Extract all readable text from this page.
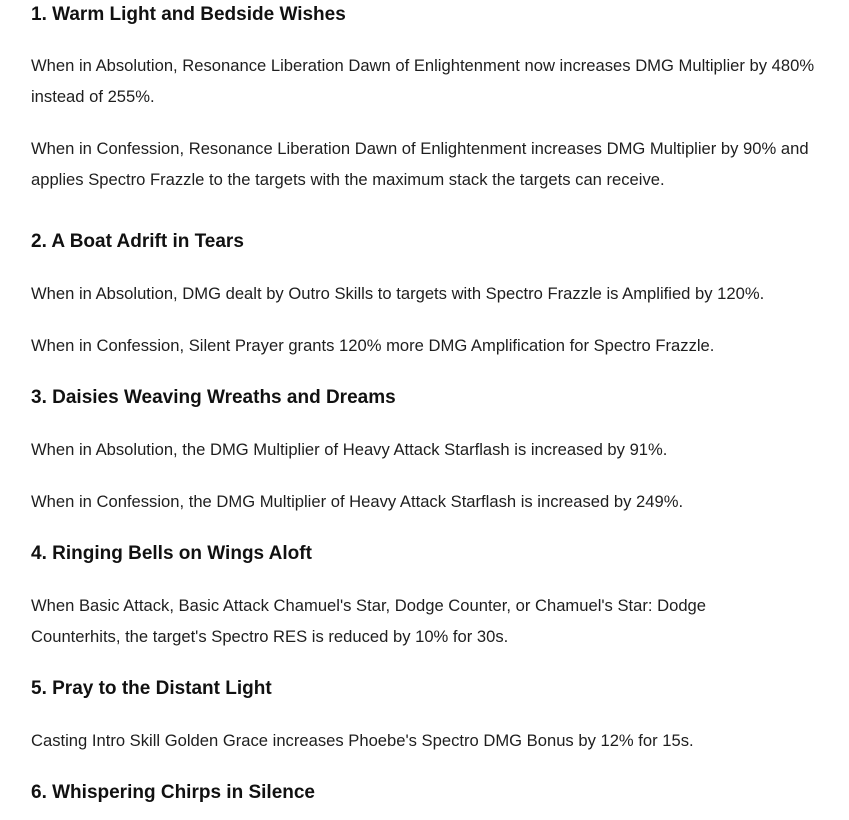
1. Warm Light and Bedside Wishes

When in Absolution, Resonance Liberation Dawn of Enlightenment now increases DMG Multiplier by 480% instead of 255%.

When in Confession, Resonance Liberation Dawn of Enlightenment increases DMG Multiplier by 90% and applies Spectro Frazzle to the targets with the maximum stack the targets can receive.

2. A Boat Adrift in Tears

When in Absolution, DMG dealt by Outro Skills to targets with Spectro Frazzle is Amplified by 120%.

When in Confession, Silent Prayer grants 120% more DMG Amplification for Spectro Frazzle.

3. Daisies Weaving Wreaths and Dreams

When in Absolution, the DMG Multiplier of Heavy Attack Starflash is increased by 91%.

When in Confession, the DMG Multiplier of Heavy Attack Starflash is increased by 249%.

4. Ringing Bells on Wings Aloft

When Basic Attack, Basic Attack Chamuel's Star, Dodge Counter, or Chamuel's Star: Dodge Counterhits, the target's Spectro RES is reduced by 10% for 30s.

5. Pray to the Distant Light

Casting Intro Skill Golden Grace increases Phoebe's Spectro DMG Bonus by 12% for 15s.

6. Whispering Chirps in Silence
